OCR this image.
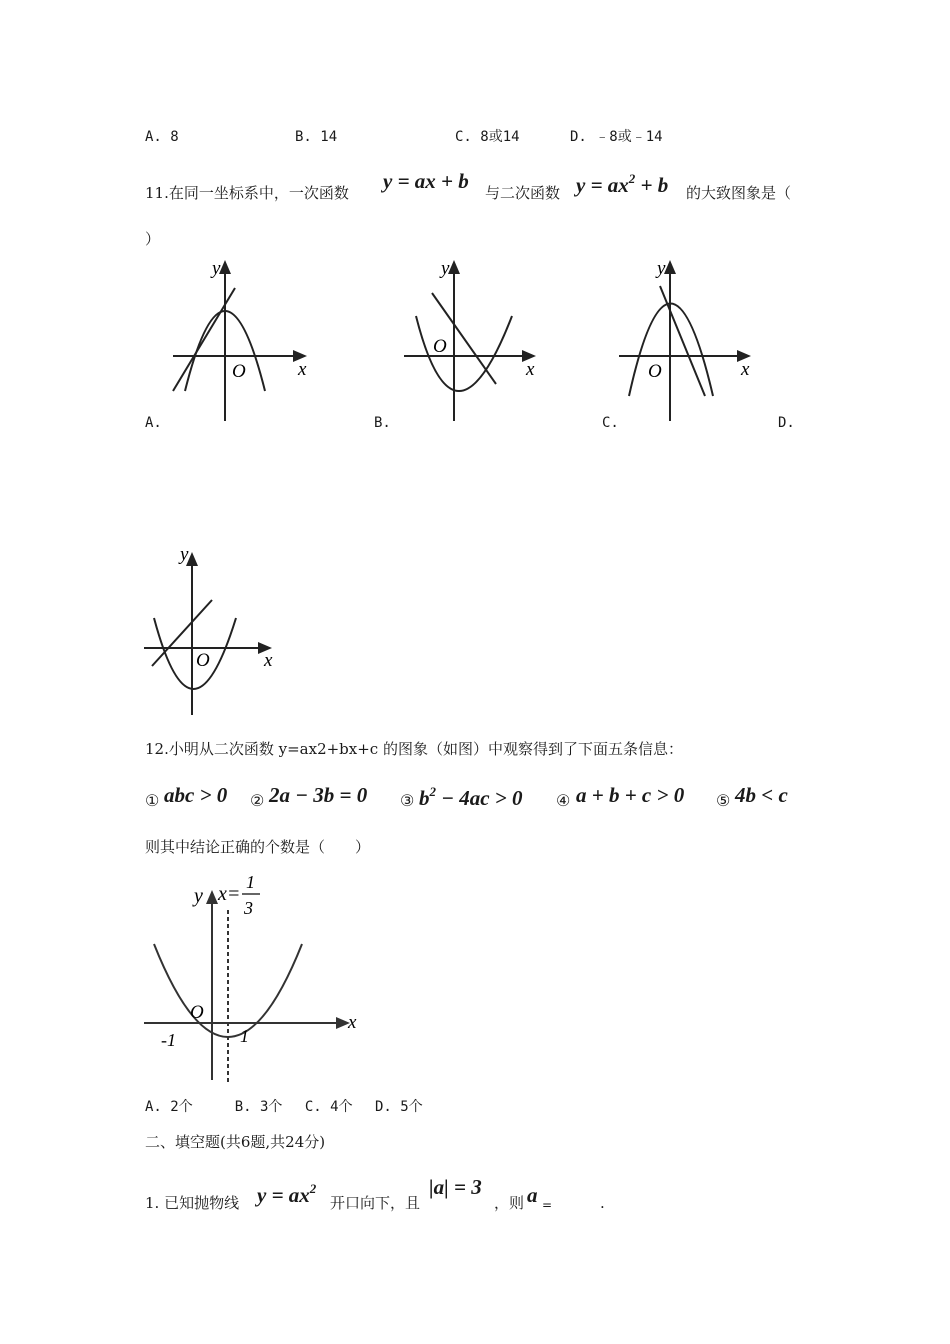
A. 8	B. 14	C. 8或14	D. ﹣8或﹣14
11.在同一坐标系中，一次函数 y = ax + b 与二次函数 $y = ax^2 + b$ 的大致图象是（
）
y
x
O
A.
y
x
O
B.
y
x
O
C.	D.
y
x
O
12.小明从二次函数 y=ax2+bx+c 的图象（如图）中观察得到了下面五条信息：
① abc > 0 ② 2a − 3b = 0 ③ $b^2 - 4ac > 0$ ④ a + b + c > 0 ⑤ 4b < c
则其中结论正确的个数是（　　）
y x=
1
3
x
O
-1	1
A. 2个　　　B. 3个　 C. 4个　 D. 5个
二、填空题(共6题,共24分)
1. 已知抛物线 $y = ax^2$
开口向下，且
|a| = 3
，则 a =	.
